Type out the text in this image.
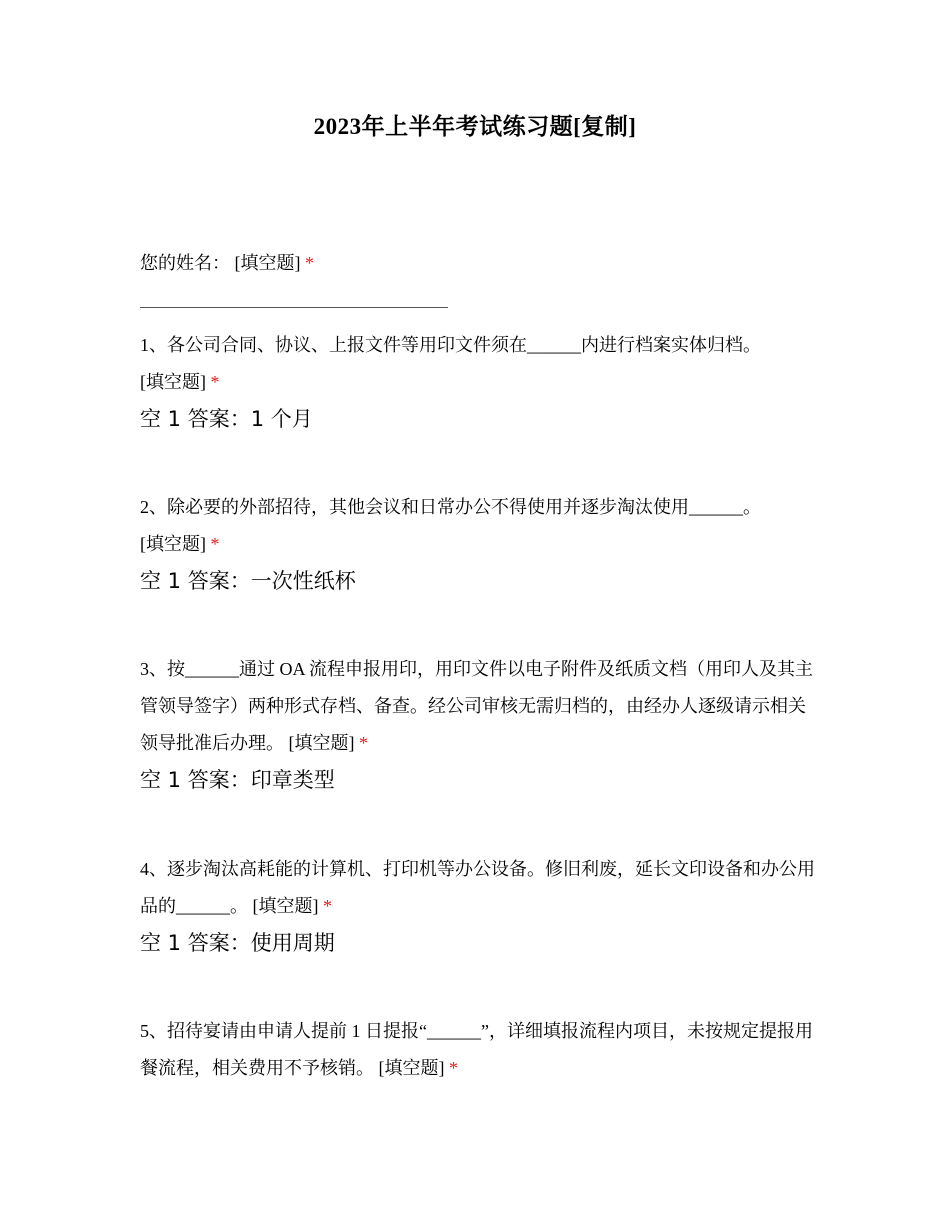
2023年上半年考试练习题[复制]

您的姓名： [填空题] *

1、各公司合同、协议、上报文件等用印文件须在______内进行档案实体归档。
[填空题] *

空 1 答案：1 个月

2、除必要的外部招待，其他会议和日常办公不得使用并逐步淘汰使用______。
[填空题] *

空 1 答案：一次性纸杯

3、按______通过 OA 流程申报用印，用印文件以电子附件及纸质文档（用印人及其主管领导签字）两种形式存档、备查。经公司审核无需归档的，由经办人逐级请示相关领导批准后办理。 [填空题] *

空 1 答案：印章类型

4、逐步淘汰高耗能的计算机、打印机等办公设备。修旧利废，延长文印设备和办公用品的______。 [填空题] *

空 1 答案：使用周期

5、招待宴请由申请人提前 1 日提报“______”，详细填报流程内项目，未按规定提报用餐流程，相关费用不予核销。 [填空题] *
